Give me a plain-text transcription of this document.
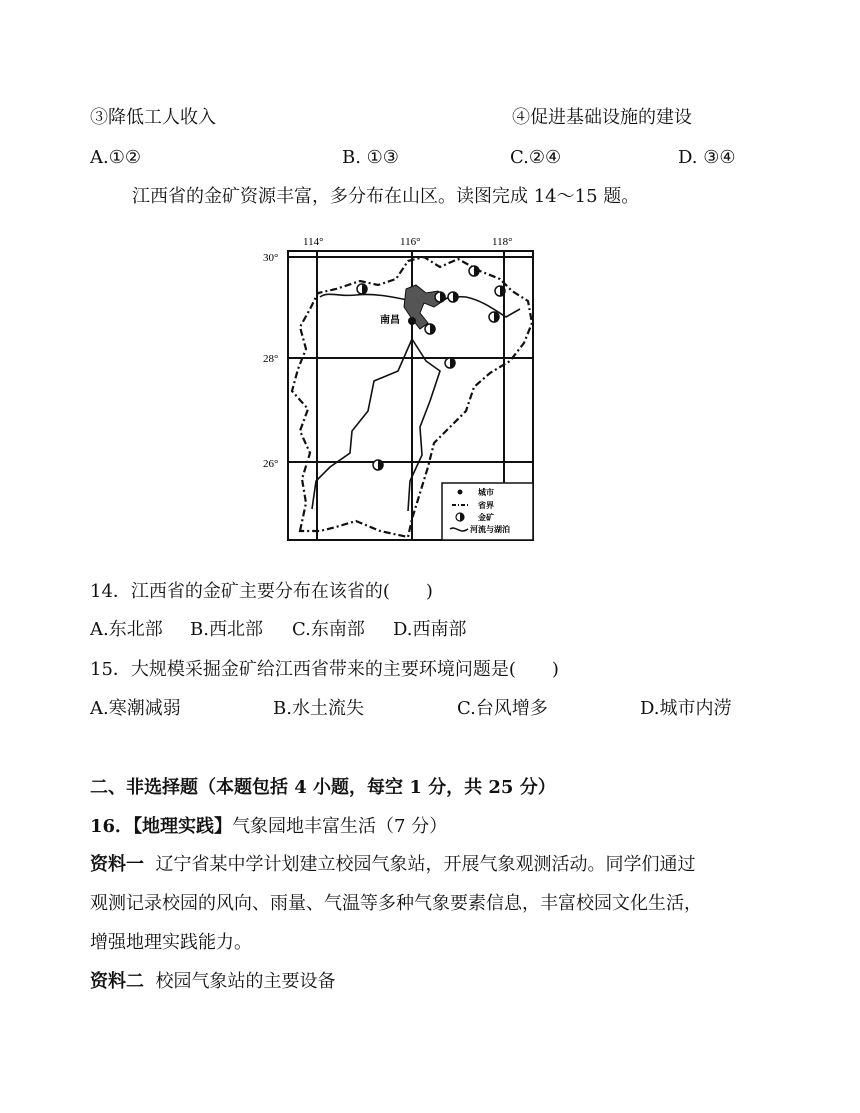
③降低工人收入	④促进基础设施的建设
A.①②	B. ①③	C.②④	D. ③④
江西省的金矿资源丰富，多分布在山区。读图完成 14～15 题。
114°	116°	118°
30°
28°
26°
南昌
城市
省界
金矿
河流与湖泊
14．江西省的金矿主要分布在该省的(　　)
A.东北部 B.西北部 C.东南部 D.西南部
15．大规模采掘金矿给江西省带来的主要环境问题是(　　)
A.寒潮减弱	B.水土流失	C.台风增多	D.城市内涝
二、非选择题（本题包括 4 小题，每空 1 分，共 25 分）
16．【地理实践】气象园地丰富生活（7 分）
资料一 辽宁省某中学计划建立校园气象站，开展气象观测活动。同学们通过
观测记录校园的风向、雨量、气温等多种气象要素信息，丰富校园文化生活，
增强地理实践能力。
资料二 校园气象站的主要设备
